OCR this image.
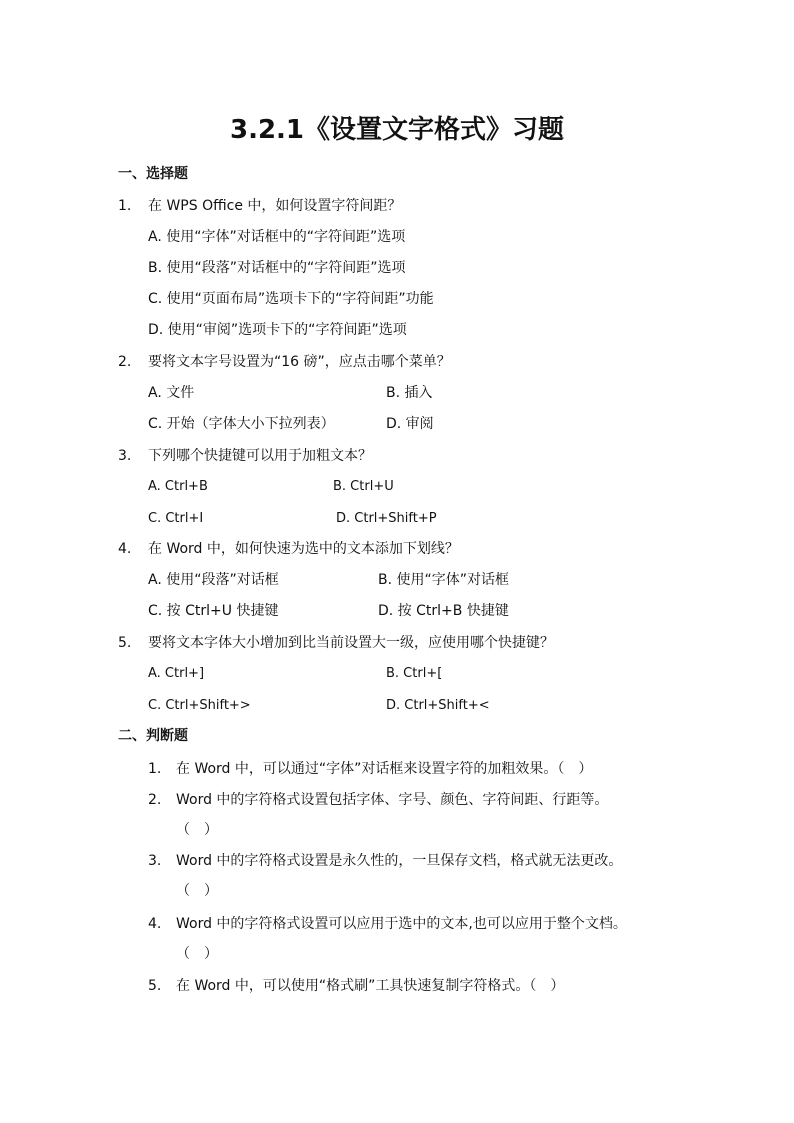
3.2.1《设置文字格式》习题
一、选择题
1. 在 WPS Office 中，如何设置字符间距？
A. 使用“字体”对话框中的“字符间距”选项
B. 使用“段落”对话框中的“字符间距”选项
C. 使用“页面布局”选项卡下的“字符间距”功能
D. 使用“审阅”选项卡下的“字符间距”选项
2. 要将文本字号设置为“16 磅”，应点击哪个菜单？
A. 文件	B. 插入
C. 开始（字体大小下拉列表）	D. 审阅
3. 下列哪个快捷键可以用于加粗文本？
A. Ctrl+B	B. Ctrl+U
C. Ctrl+I	D. Ctrl+Shift+P
4. 在 Word 中，如何快速为选中的文本添加下划线？
A. 使用“段落”对话框	B. 使用“字体”对话框
C. 按 Ctrl+U 快捷键	D. 按 Ctrl+B 快捷键
5. 要将文本字体大小增加到比当前设置大一级，应使用哪个快捷键？
A. Ctrl+]	B. Ctrl+[
C. Ctrl+Shift+>	D. Ctrl+Shift+<
二、判断题
1. 在 Word 中，可以通过“字体”对话框来设置字符的加粗效果。（　）
2. Word 中的字符格式设置包括字体、字号、颜色、字符间距、行距等。
（　）
3. Word 中的字符格式设置是永久性的，一旦保存文档，格式就无法更改。
（　）
4. Word 中的字符格式设置可以应用于选中的文本,也可以应用于整个文档。
（　）
5. 在 Word 中，可以使用“格式刷”工具快速复制字符格式。（　）
